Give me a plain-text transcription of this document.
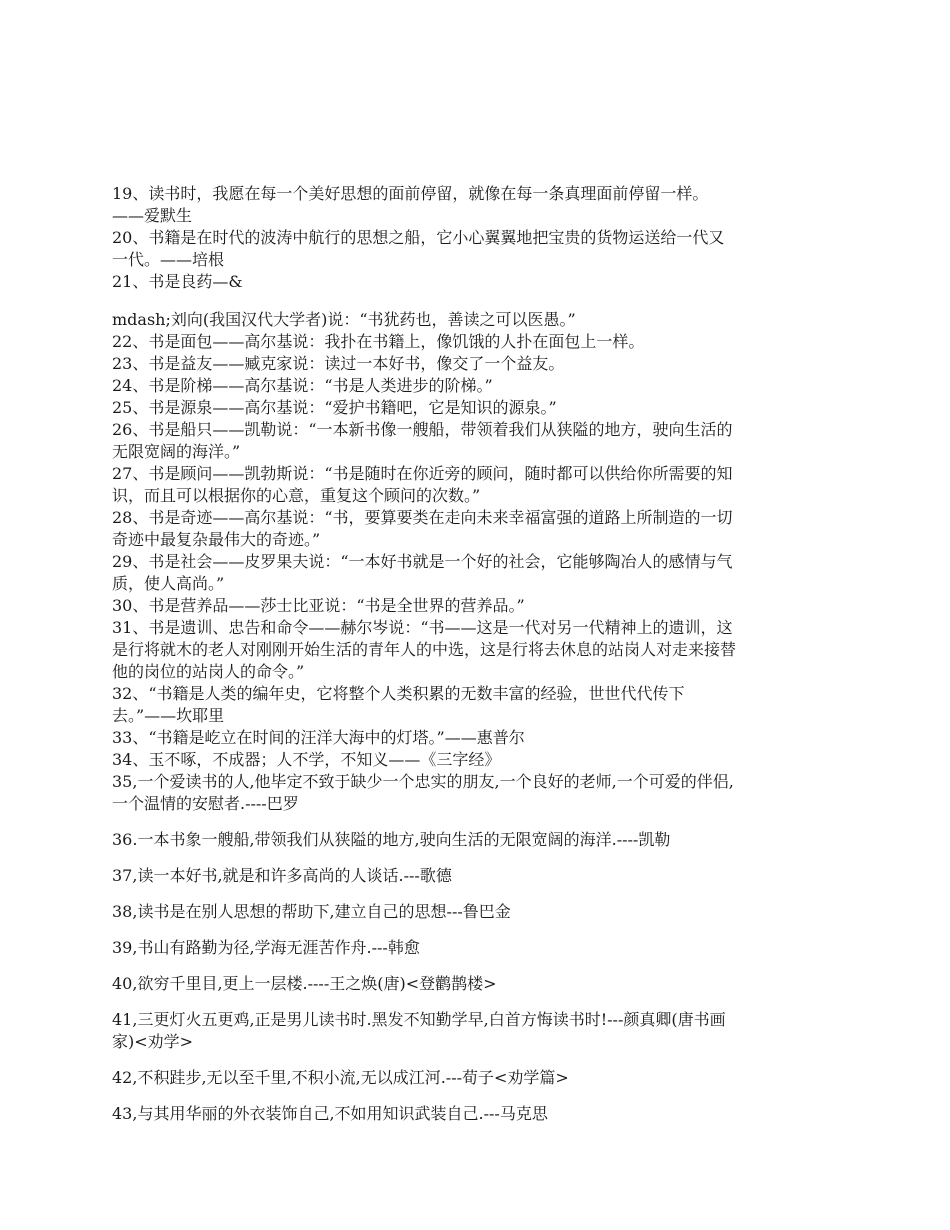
19、读书时，我愿在每一个美好思想的面前停留，就像在每一条真理面前停留一样。
——爱默生
20、书籍是在时代的波涛中航行的思想之船，它小心翼翼地把宝贵的货物运送给一代又
一代。——培根
21、书是良药—&
mdash;刘向(我国汉代大学者)说：“书犹药也，善读之可以医愚。”
22、书是面包——高尔基说：我扑在书籍上，像饥饿的人扑在面包上一样。
23、书是益友——臧克家说：读过一本好书，像交了一个益友。
24、书是阶梯——高尔基说：“书是人类进步的阶梯。”
25、书是源泉——高尔基说：“爱护书籍吧，它是知识的源泉。”
26、书是船只——凯勒说：“一本新书像一艘船，带领着我们从狭隘的地方，驶向生活的
无限宽阔的海洋。”
27、书是顾问——凯勃斯说：“书是随时在你近旁的顾问，随时都可以供给你所需要的知
识，而且可以根据你的心意，重复这个顾问的次数。”
28、书是奇迹——高尔基说：“书，要算要类在走向未来幸福富强的道路上所制造的一切
奇迹中最复杂最伟大的奇迹。”
29、书是社会——皮罗果夫说：“一本好书就是一个好的社会，它能够陶冶人的感情与气
质，使人高尚。”
30、书是营养品——莎士比亚说：“书是全世界的营养品。”
31、书是遗训、忠告和命令——赫尔岑说：“书——这是一代对另一代精神上的遗训，这
是行将就木的老人对刚刚开始生活的青年人的中选，这是行将去休息的站岗人对走来接替
他的岗位的站岗人的命令。”
32、“书籍是人类的编年史，它将整个人类积累的无数丰富的经验，世世代代传下
去。”——坎耶里
33、“书籍是屹立在时间的汪洋大海中的灯塔。”——惠普尔
34、玉不啄，不成器；人不学，不知义——《三字经》
35,一个爱读书的人,他毕定不致于缺少一个忠实的朋友,一个良好的老师,一个可爱的伴侣,
一个温情的安慰者.----巴罗
36.一本书象一艘船,带领我们从狭隘的地方,驶向生活的无限宽阔的海洋.----凯勒
37,读一本好书,就是和许多高尚的人谈话.---歌德
38,读书是在别人思想的帮助下,建立自己的思想---鲁巴金
39,书山有路勤为径,学海无涯苦作舟.---韩愈
40,欲穷千里目,更上一层楼.----王之焕(唐)<登鹳鹊楼>
41,三更灯火五更鸡,正是男儿读书时.黑发不知勤学早,白首方悔读书时!---颜真卿(唐书画
家)<劝学>
42,不积跬步,无以至千里,不积小流,无以成江河.---荀子<劝学篇>
43,与其用华丽的外衣装饰自己,不如用知识武装自己.---马克思
